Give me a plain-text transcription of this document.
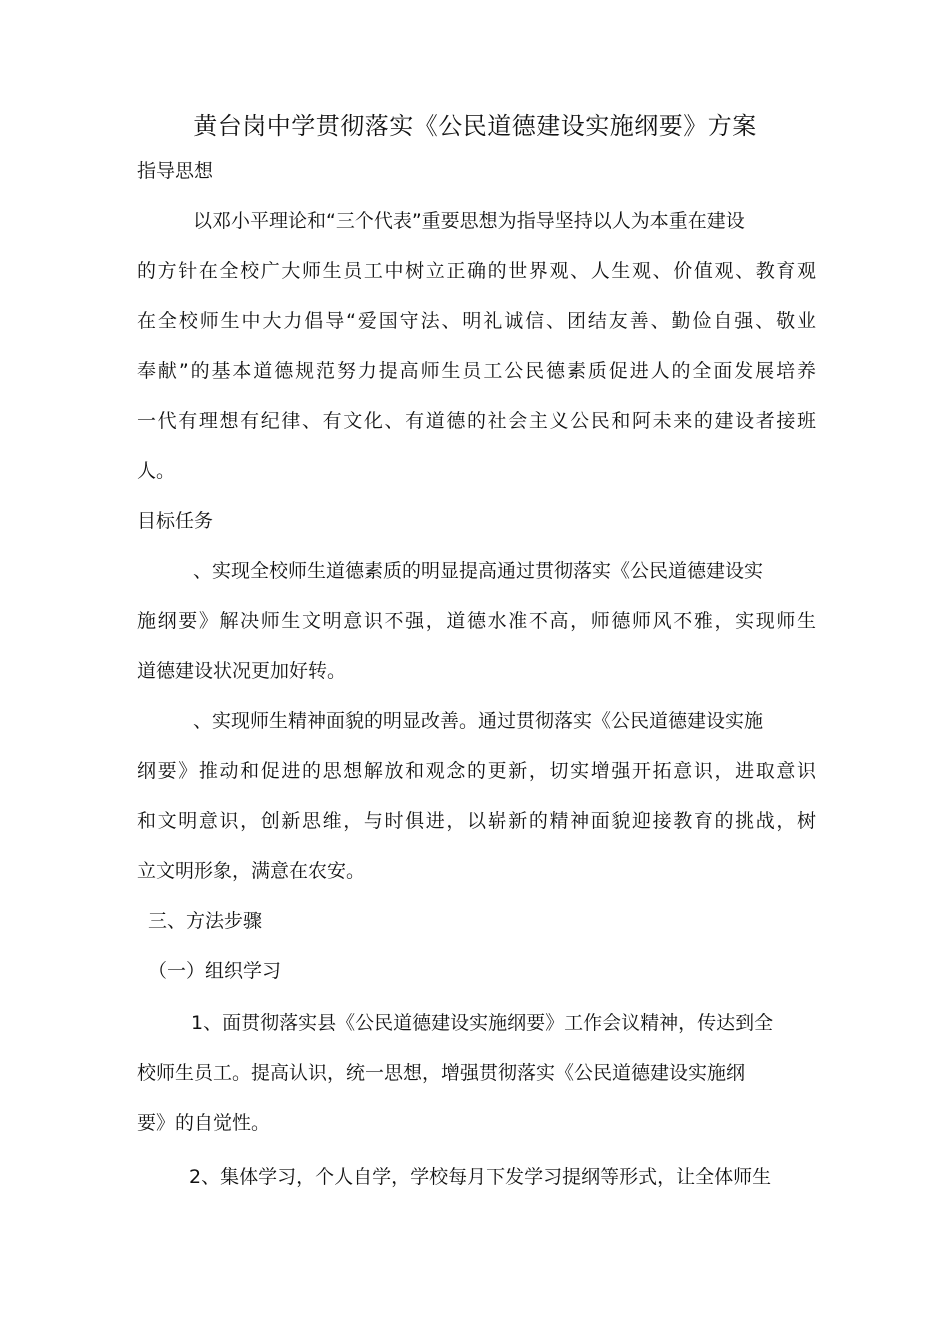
黄台岗中学贯彻落实《公民道德建设实施纲要》方案
指导思想
以邓小平理论和“三个代表”重要思想为指导坚持以人为本重在建设
的方针在全校广大师生员工中树立正确的世界观、人生观、价值观、教育观
在全校师生中大力倡导“爱国守法、明礼诚信、团结友善、勤俭自强、敬业
奉献”的基本道德规范努力提高师生员工公民德素质促进人的全面发展培养
一代有理想有纪律、有文化、有道德的社会主义公民和阿未来的建设者接班
人。
目标任务
、实现全校师生道德素质的明显提高通过贯彻落实《公民道德建设实
施纲要》解决师生文明意识不强，道德水准不高，师德师风不雅，实现师生
道德建设状况更加好转。
、实现师生精神面貌的明显改善。通过贯彻落实《公民道德建设实施
纲要》推动和促进的思想解放和观念的更新，切实增强开拓意识，进取意识
和文明意识，创新思维，与时俱进，以崭新的精神面貌迎接教育的挑战，树
立文明形象，满意在农安。
三、方法步骤
（一）组织学习
1、面贯彻落实县《公民道德建设实施纲要》工作会议精神，传达到全
校师生员工。提高认识，统一思想，增强贯彻落实《公民道德建设实施纲
要》的自觉性。
2、集体学习，个人自学，学校每月下发学习提纲等形式，让全体师生
